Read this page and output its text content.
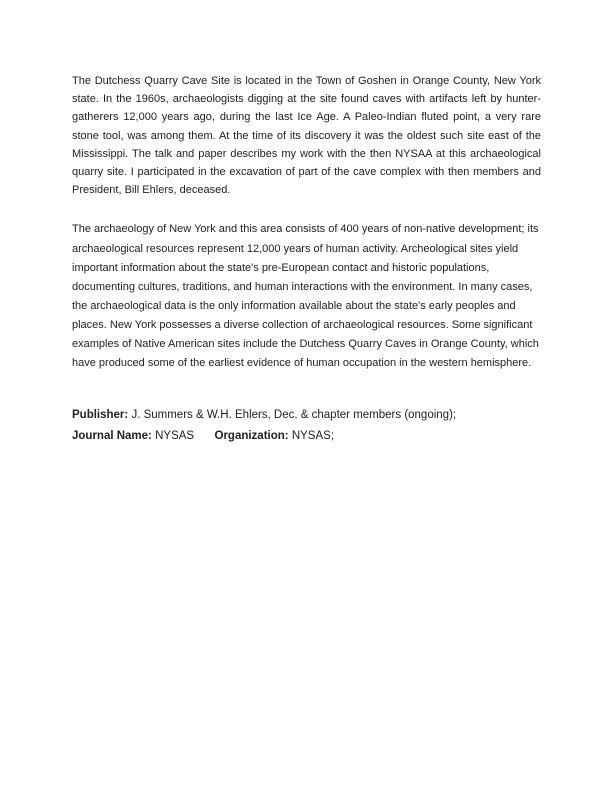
The Dutchess Quarry Cave Site is located in the Town of Goshen in Orange County, New York state. In the 1960s, archaeologists digging at the site found caves with artifacts left by hunter-gatherers 12,000 years ago, during the last Ice Age. A Paleo-Indian fluted point, a very rare stone tool, was among them. At the time of its discovery it was the oldest such site east of the Mississippi. The talk and paper describes my work with the then NYSAA at this archaeological quarry site. I participated in the excavation of part of the cave complex with then members and President, Bill Ehlers, deceased.

The archaeology of New York and this area consists of 400 years of non-native development; its archaeological resources represent 12,000 years of human activity. Archeological sites yield important information about the state's pre-European contact and historic populations, documenting cultures, traditions, and human interactions with the environment. In many cases, the archaeological data is the only information available about the state's early peoples and places. New York possesses a diverse collection of archaeological resources. Some significant examples of Native American sites include the Dutchess Quarry Caves in Orange County, which have produced some of the earliest evidence of human occupation in the western hemisphere.

Publisher: J. Summers & W.H. Ehlers, Dec. & chapter members (ongoing);
Journal Name: NYSAS Organization: NYSAS;
